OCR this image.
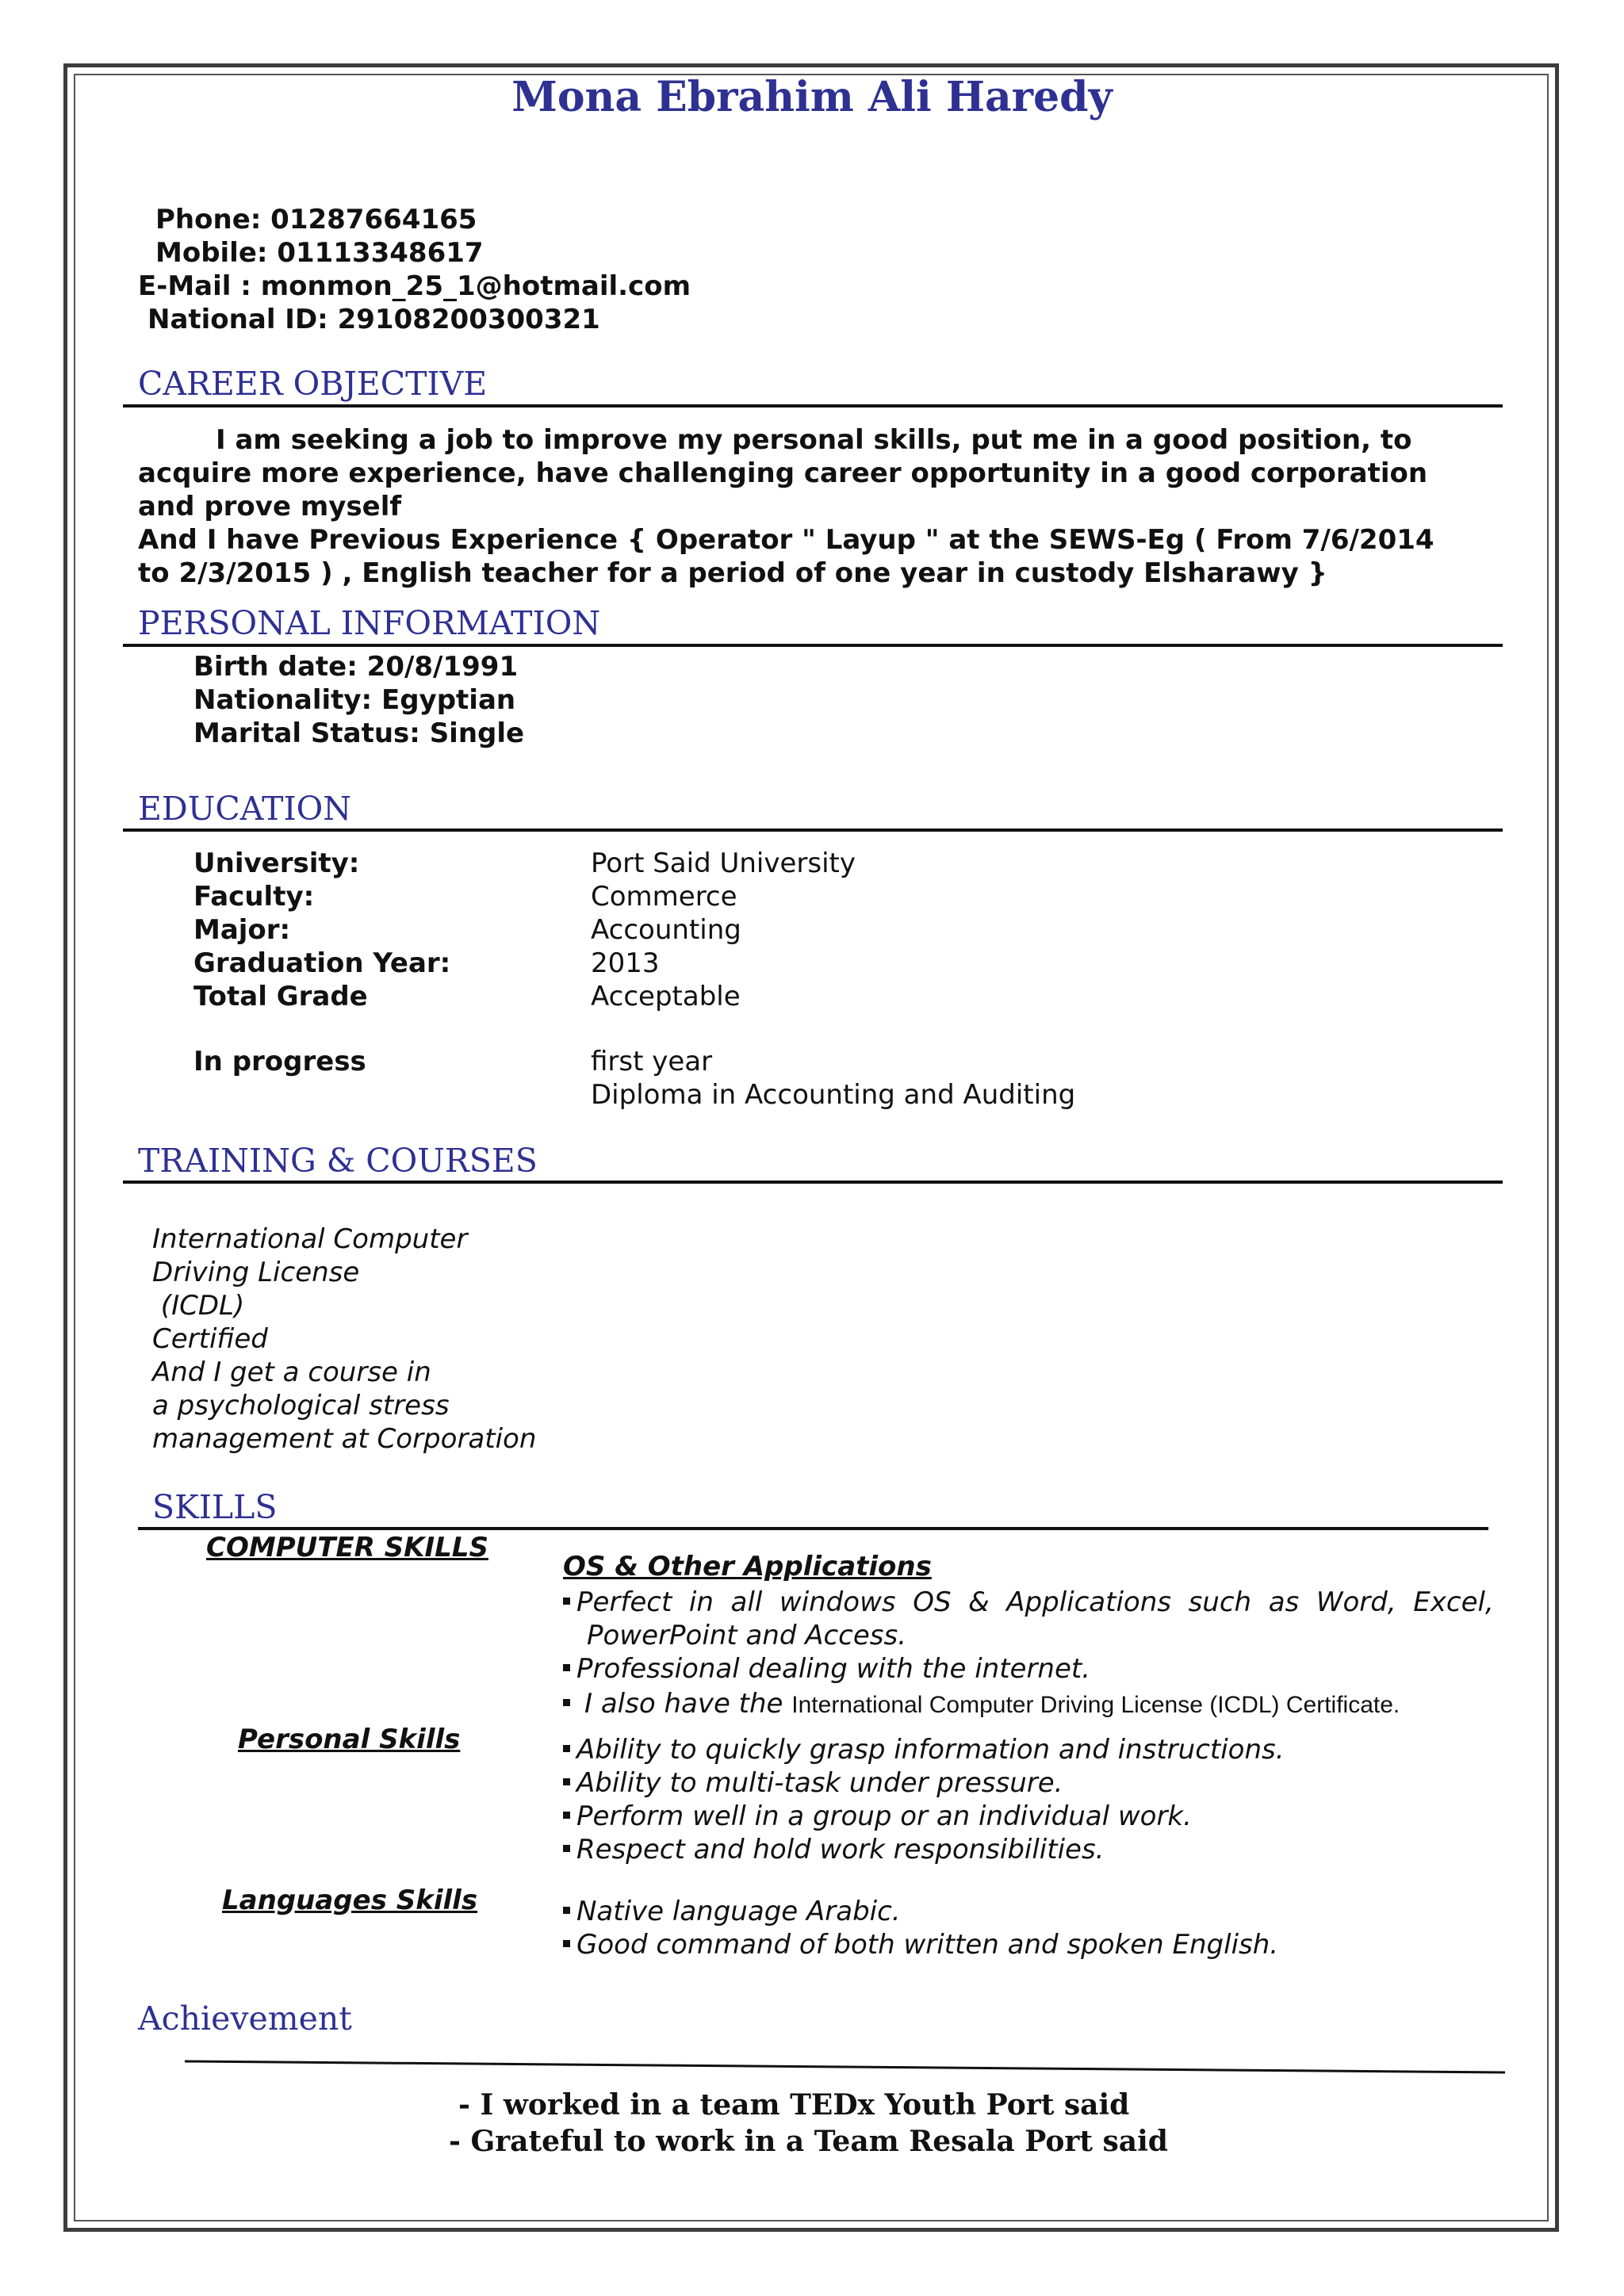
Mona Ebrahim Ali Haredy
Phone: 01287664165
Mobile: 01113348617
E-Mail : monmon_25_1@hotmail.com
National ID: 29108200300321
CAREER OBJECTIVE
I am seeking a job to improve my personal skills, put me in a good position, to
acquire more experience, have challenging career opportunity in a good corporation
and prove myself
And I have Previous Experience { Operator " Layup " at the SEWS-Eg ( From 7/6/2014
to 2/3/2015 ) , English teacher for a period of one year in custody Elsharawy }
PERSONAL INFORMATION
Birth date: 20/8/1991
Nationality: Egyptian
Marital Status: Single
EDUCATION
University:	Port Said University
Faculty:	Commerce
Major:	Accounting
Graduation Year:	2013
Total Grade	Acceptable
In progress	first year
Diploma in Accounting and Auditing
TRAINING & COURSES
International Computer
Driving License
(ICDL)
Certified
And I get a course in
a psychological stress
management at Corporation
SKILLS
COMPUTER SKILLS
OS & Other Applications
Perfect  in  all  windows  OS  &  Applications  such  as  Word,  Excel,
PowerPoint and Access.
Professional dealing with the internet.
I also have the International Computer Driving License (ICDL) Certificate.
Personal Skills	Ability to quickly grasp information and instructions.
Ability to multi-task under pressure.
Perform well in a group or an individual work.
Respect and hold work responsibilities.
Languages Skills	Native language Arabic.
Good command of both written and spoken English.
Achievement
- I worked in a team TEDx Youth Port said
- Grateful to work in a Team Resala Port said
